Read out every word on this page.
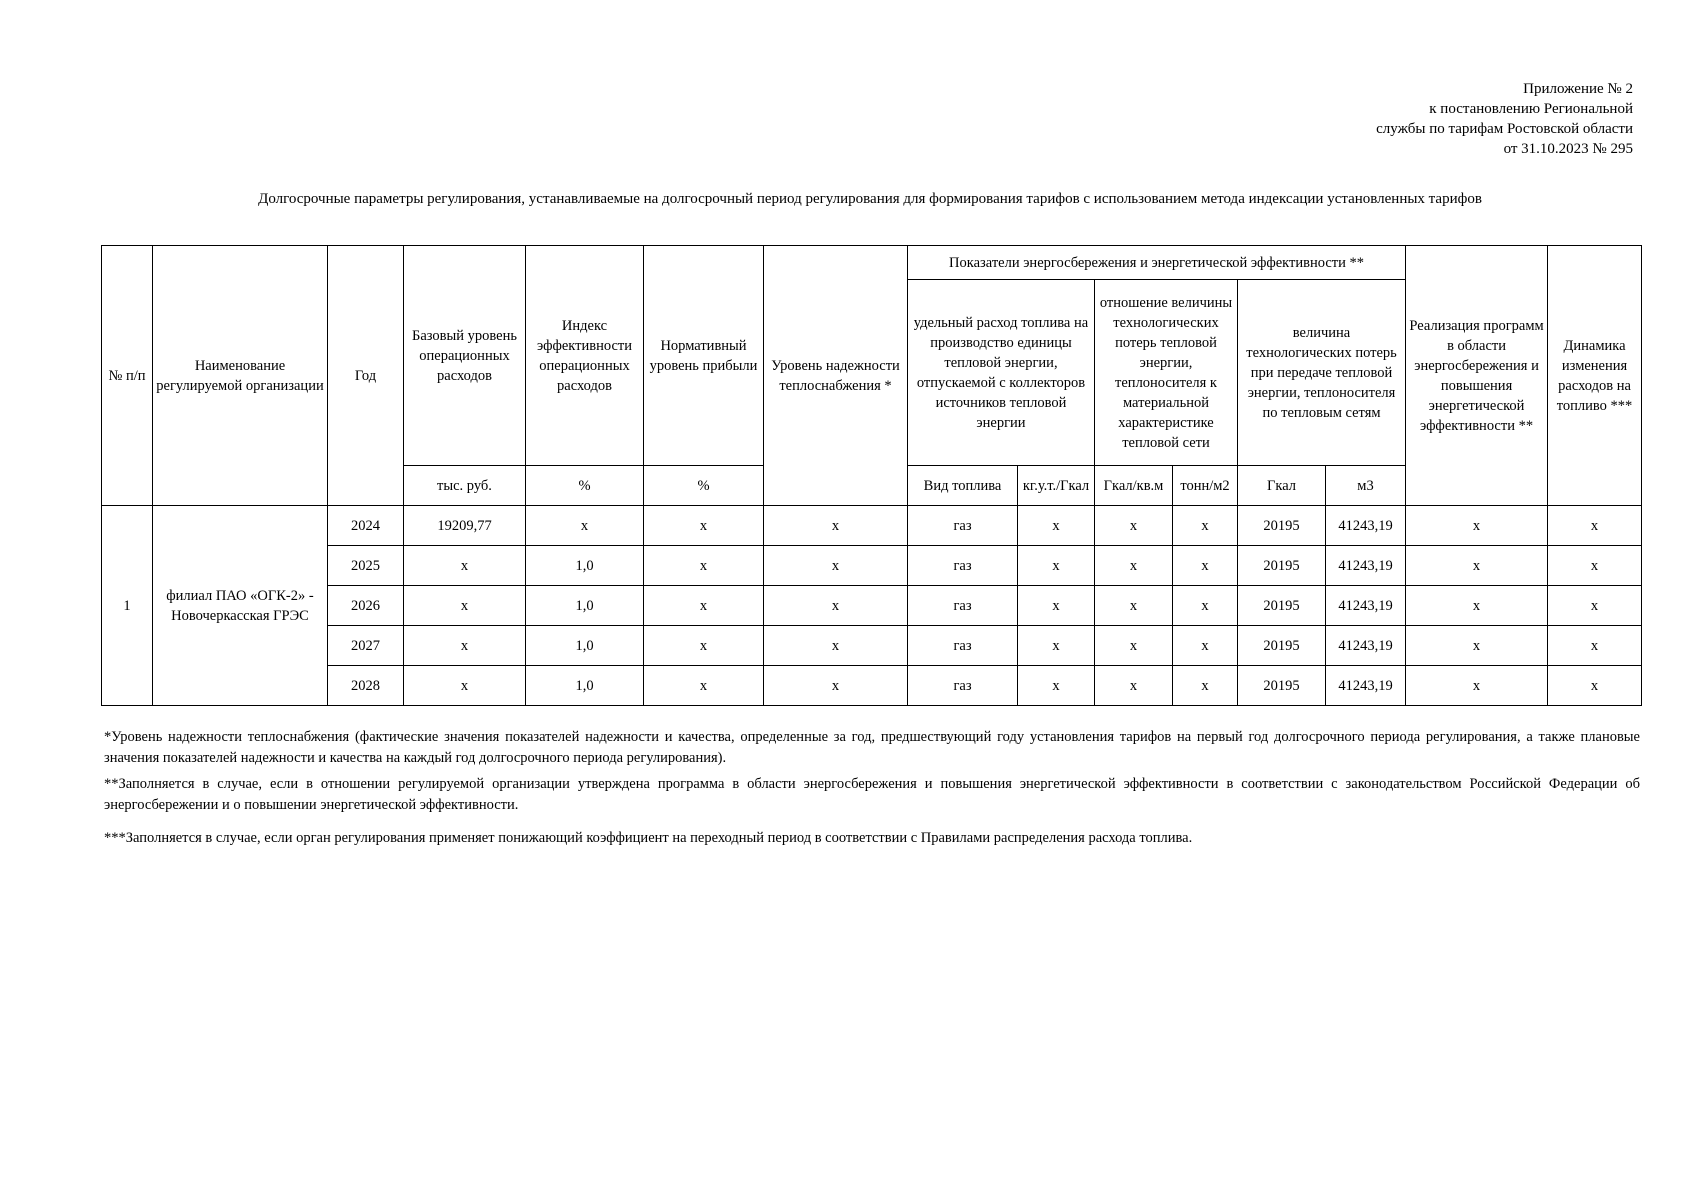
Приложение № 2
к постановлению Региональной
службы по тарифам Ростовской области
от 31.10.2023 № 295
Долгосрочные параметры регулирования, устанавливаемые на долгосрочный период регулирования для формирования тарифов с использованием метода индексации установленных тарифов
№ п/п	Наименование регулируемой организации	Год	Базовый уровень операционных расходов	Индекс эффективности операционных расходов	Нормативный уровень прибыли	Уровень надежности теплоснабжения *	Показатели энергосбережения и энергетической эффективности **						Реализация программ в области энергосбережения и повышения энергетической эффективности **	Динамика изменения расходов на топливо ***
							удельный расход топлива на производство единицы тепловой энергии, отпускаемой с коллекторов источников тепловой энергии		отношение величины технологических потерь тепловой энергии, теплоносителя к материальной характеристике тепловой сети		величина технологических потерь при передаче тепловой энергии, теплоносителя по тепловым сетям			
			тыс. руб.	%	%		Вид топлива	кг.у.т./Гкал	Гкал/кв.м	тонн/м2	Гкал	м3		
1	филиал ПАО «ОГК-2» - Новочеркасская ГРЭС	2024	19209,77	х	х	х	газ	х	х	х	20195	41243,19	х	х
		2025	х	1,0	х	х	газ	х	х	х	20195	41243,19	х	х
		2026	х	1,0	х	х	газ	х	х	х	20195	41243,19	х	х
		2027	х	1,0	х	х	газ	х	х	х	20195	41243,19	х	х
		2028	х	1,0	х	х	газ	х	х	х	20195	41243,19	х	х

*Уровень надежности теплоснабжения (фактические значения показателей надежности и качества, определенные за год, предшествующий году установления тарифов на первый год долгосрочного периода регулирования, а также плановые значения показателей надежности и качества на каждый год долгосрочного периода регулирования).

**Заполняется в случае, если в отношении регулируемой организации утверждена программа в области энергосбережения и повышения энергетической эффективности в соответствии с законодательством Российской Федерации об энергосбережении и о повышении энергетической эффективности.

***Заполняется в случае, если орган регулирования применяет понижающий коэффициент на переходный период в соответствии с Правилами распределения расхода топлива.
